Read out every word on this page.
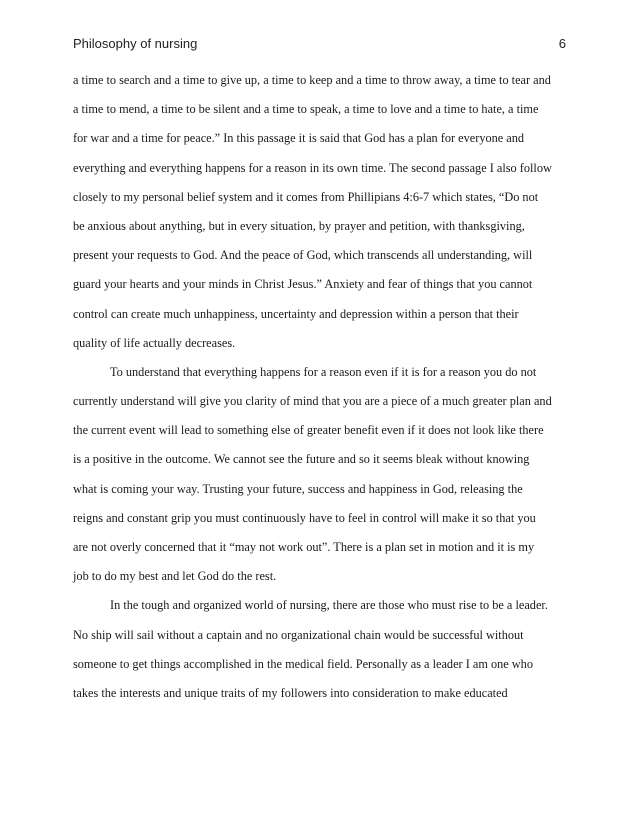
Philosophy of nursing	6
a time to search and a time to give up, a time to keep and a time to throw away, a time to tear and
a time to mend, a time to be silent and a time to speak, a time to love and a time to hate, a time
for war and a time for peace.” In this passage it is said that God has a plan for everyone and
everything and everything happens for a reason in its own time. The second passage I also follow
closely to my personal belief system and it comes from Phillipians 4:6-7 which states, “Do not
be anxious about anything, but in every situation, by prayer and petition, with thanksgiving,
present your requests to God. And the peace of God, which transcends all understanding, will
guard your hearts and your minds in Christ Jesus.” Anxiety and fear of things that you cannot
control can create much unhappiness, uncertainty and depression within a person that their
quality of life actually decreases.
To understand that everything happens for a reason even if it is for a reason you do not
currently understand will give you clarity of mind that you are a piece of a much greater plan and
the current event will lead to something else of greater benefit even if it does not look like there
is a positive in the outcome. We cannot see the future and so it seems bleak without knowing
what is coming your way. Trusting your future, success and happiness in God, releasing the
reigns and constant grip you must continuously have to feel in control will make it so that you
are not overly concerned that it “may not work out”. There is a plan set in motion and it is my
job to do my best and let God do the rest.
In the tough and organized world of nursing, there are those who must rise to be a leader.
No ship will sail without a captain and no organizational chain would be successful without
someone to get things accomplished in the medical field. Personally as a leader I am one who
takes the interests and unique traits of my followers into consideration to make educated
